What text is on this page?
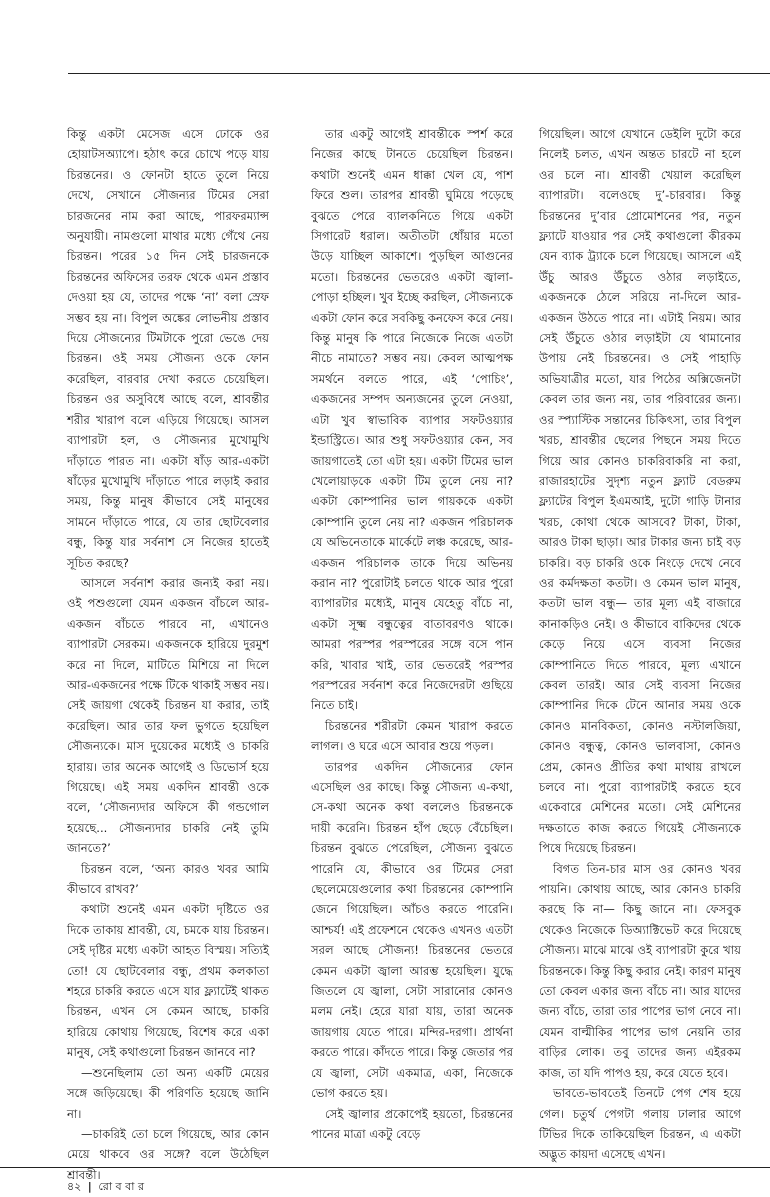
কিন্তু একটা মেসেজ এসে ঢোকে ওর হোয়াটসঅ্যাপে। হঠাৎ করে চোখে পড়ে যায় চিরন্তনের। ও ফোনটা হাতে তুলে নিয়ে দেখে, সেখানে সৌজন্যর টিমের সেরা চারজনের নাম করা আছে, পারফরম্যান্স অনুযায়ী। নামগুলো মাথার মধ্যে গেঁথে নেয় চিরন্তন। পরের ১৫ দিন সেই চারজনকে চিরন্তনের অফিসের তরফ থেকে এমন প্রস্তাব দেওয়া হয় যে, তাদের পক্ষে ‘না’ বলা স্রেফ সম্ভব হয় না। বিপুল অঙ্কের লোভনীয় প্রস্তাব দিয়ে সৌজন্যের টিমটাকে পুরো ভেঙে দেয় চিরন্তন। ওই সময় সৌজন্য ওকে ফোন করেছিল, বারবার দেখা করতে চেয়েছিল। চিরন্তন ওর অসুবিধে আছে বলে, শ্রাবন্তীর শরীর খারাপ বলে এড়িয়ে গিয়েছে। আসল ব্যাপারটা হল, ও সৌজন্যর মুখোমুখি দাঁড়াতে পারত না। একটা ষাঁড় আর-একটা ষাঁড়ের মুখোমুখি দাঁড়াতে পারে লড়াই করার সময়, কিন্তু মানুষ কীভাবে সেই মানুষের সামনে দাঁড়াতে পারে, যে তার ছোটবেলার বন্ধু, কিন্তু যার সর্বনাশ সে নিজের হাতেই সূচিত করছে?

আসলে সর্বনাশ করার জন্যই করা নয়। ওই পশুগুলো যেমন একজন বাঁচলে আর-একজন বাঁচতে পারবে না, এখানেও ব্যাপারটা সেরকম। একজনকে হারিয়ে দুরমুশ করে না দিলে, মাটিতে মিশিয়ে না দিলে আর-একজনের পক্ষে টিকে থাকাই সম্ভব নয়। সেই জায়গা থেকেই চিরন্তন যা করার, তাই করেছিল। আর তার ফল ভুগতে হয়েছিল সৌজন্যকে। মাস দুয়েকের মধ্যেই ও চাকরি হারায়। তার অনেক আগেই ও ডিভোর্স হয়ে গিয়েছে। এই সময় একদিন শ্রাবন্তী ওকে বলে, ‘সৌজন্যদার অফিসে কী গন্ডগোল হয়েছে... সৌজন্যদার চাকরি নেই তুমি জানতে?’

চিরন্তন বলে, ‘অন্য কারও খবর আমি কীভাবে রাখব?’

কথাটা শুনেই এমন একটা দৃষ্টিতে ওর দিকে তাকায় শ্রাবন্তী, যে, চমকে যায় চিরন্তন। সেই দৃষ্টির মধ্যে একটা আহত বিস্ময়। সত্যিই তো! যে ছোটবেলার বন্ধু, প্রথম কলকাতা শহরে চাকরি করতে এসে যার ফ্ল্যাটেই থাকত চিরন্তন, এখন সে কেমন আছে, চাকরি হারিয়ে কোথায় গিয়েছে, বিশেষ করে একা মানুষ, সেই কথাগুলো চিরন্তন জানবে না?

—শুনেছিলাম তো অন্য একটি মেয়ের সঙ্গে জড়িয়েছে। কী পরিণতি হয়েছে জানি না।

—চাকরিই তো চলে গিয়েছে, আর কোন মেয়ে থাকবে ওর সঙ্গে? বলে উঠেছিল শ্রাবন্তী।

তার একটু আগেই শ্রাবন্তীকে স্পর্শ করে নিজের কাছে টানতে চেয়েছিল চিরন্তন। কথাটা শুনেই এমন ধাক্কা খেল যে, পাশ ফিরে শুল। তারপর শ্রাবন্তী ঘুমিয়ে পড়েছে বুঝতে পেরে ব্যালকনিতে গিয়ে একটা সিগারেট ধরাল। অতীতটা ধোঁয়ার মতো উড়ে যাচ্ছিল আকাশে। পুড়ছিল আগুনের মতো। চিরন্তনের ভেতরেও একটা জ্বালা-পোড়া হচ্ছিল। খুব ইচ্ছে করছিল, সৌজন্যকে একটা ফোন করে সবকিছু কনফেস করে নেয়। কিন্তু মানুষ কি পারে নিজেকে নিজে এতটা নীচে নামাতে? সম্ভব নয়। কেবল আত্মপক্ষ সমর্থনে বলতে পারে, এই ‘পোচিং’, একজনের সম্পদ অন্যজনের তুলে নেওয়া, এটা খুব স্বাভাবিক ব্যাপার সফটওয়্যার ইন্ডাস্ট্রিতে। আর শুধু সফটওয়্যার কেন, সব জায়গাতেই তো এটা হয়। একটা টিমের ভাল খেলোয়াড়কে একটা টিম তুলে নেয় না? একটা কোম্পানির ভাল গায়ককে একটা কোম্পানি তুলে নেয় না? একজন পরিচালক যে অভিনেতাকে মার্কেটে লঞ্চ করেছে, আর-একজন পরিচালক তাকে দিয়ে অভিনয় করান না? পুরোটাই চলতে থাকে আর পুরো ব্যাপারটার মধ্যেই, মানুষ যেহেতু বাঁচে না, একটা সূক্ষ্ম বন্ধুত্বের বাতাবরণও থাকে। আমরা পরস্পর পরস্পরের সঙ্গে বসে পান করি, খাবার খাই, তার ভেতরেই পরস্পর পরস্পরের সর্বনাশ করে নিজেদেরটা গুছিয়ে নিতে চাই।

চিরন্তনের শরীরটা কেমন খারাপ করতে লাগল। ও ঘরে এসে আবার শুয়ে পড়ল।

তারপর একদিন সৌজন্যের ফোন এসেছিল ওর কাছে। কিন্তু সৌজন্য এ-কথা, সে-কথা অনেক কথা বললেও চিরন্তনকে দায়ী করেনি। চিরন্তন হাঁপ ছেড়ে বেঁচেছিল। চিরন্তন বুঝতে পেরেছিল, সৌজন্য বুঝতে পারেনি যে, কীভাবে ওর টিমের সেরা ছেলেমেয়েগুলোর কথা চিরন্তনের কোম্পানি জেনে গিয়েছিল। আঁচও করতে পারেনি। আশ্চর্য! এই প্রফেশনে থেকেও এখনও এতটা সরল আছে সৌজন্য! চিরন্তনের ভেতরে কেমন একটা জ্বালা আরম্ভ হয়েছিল। যুদ্ধে জিতলে যে জ্বালা, সেটা সারানোর কোনও মলম নেই। হেরে যারা যায়, তারা অনেক জায়গায় যেতে পারে। মন্দির-দরগা। প্রার্থনা করতে পারে। কাঁদতে পারে। কিন্তু জেতার পর যে জ্বালা, সেটা একমাত্র, একা, নিজেকে ভোগ করতে হয়।

সেই জ্বালার প্রকোপেই হয়তো, চিরন্তনের পানের মাত্রা একটু বেড়ে

গিয়েছিল। আগে যেখানে ডেইলি দুটো করে নিলেই চলত, এখন অন্তত চারটে না হলে ওর চলে না। শ্রাবন্তী খেয়াল করেছিল ব্যাপারটা। বলেওছে দু’-চারবার। কিন্তু চিরন্তনের দু’বার প্রোমোশনের পর, নতুন ফ্ল্যাটে যাওয়ার পর সেই কথাগুলো কীরকম যেন ব্যাক ট্র্যাকে চলে গিয়েছে। আসলে এই উঁচু আরও উঁচুতে ওঠার লড়াইতে, একজনকে ঠেলে সরিয়ে না-দিলে আর-একজন উঠতে পারে না। এটাই নিয়ম। আর সেই উঁচুতে ওঠার লড়াইটা যে থামানোর উপায় নেই চিরন্তনের। ও সেই পাহাড়ি অভিযাত্রীর মতো, যার পিঠের অক্সিজেনটা কেবল তার জন্য নয়, তার পরিবারের জন্য। ওর স্প্যাস্টিক সন্তানের চিকিৎসা, তার বিপুল খরচ, শ্রাবন্তীর ছেলের পিছনে সময় দিতে গিয়ে আর কোনও চাকরিবাকরি না করা, রাজারহাটের সুদৃশ্য নতুন ফ্ল্যাট বেডরুম ফ্ল্যাটের বিপুল ইএমআই, দুটো গাড়ি টানার খরচ, কোথা থেকে আসবে? টাকা, টাকা, আরও টাকা ছাড়া। আর টাকার জন্য চাই বড় চাকরি। বড় চাকরি ওকে নিংড়ে দেখে নেবে ওর কর্মদক্ষতা কতটা। ও কেমন ভাল মানুষ, কতটা ভাল বন্ধু— তার মূল্য এই বাজারে কানাকড়িও নেই। ও কীভাবে বাকিদের থেকে কেড়ে নিয়ে এসে ব্যবসা নিজের কোম্পানিতে দিতে পারবে, মূল্য এখানে কেবল তারই। আর সেই ব্যবসা নিজের কোম্পানির দিকে টেনে আনার সময় ওকে কোনও মানবিকতা, কোনও নস্টালজিয়া, কোনও বন্ধুত্ব, কোনও ভালবাসা, কোনও প্রেম, কোনও প্রীতির কথা মাথায় রাখলে চলবে না। পুরো ব্যাপারটাই করতে হবে একেবারে মেশিনের মতো। সেই মেশিনের দক্ষতাতে কাজ করতে গিয়েই সৌজন্যকে পিষে দিয়েছে চিরন্তন।

বিগত তিন-চার মাস ওর কোনও খবর পায়নি। কোথায় আছে, আর কোনও চাকরি করছে কি না— কিছু জানে না। ফেসবুক থেকেও নিজেকে ডিঅ্যাক্টিভেট করে দিয়েছে সৌজন্য। মাঝে মাঝে ওই ব্যাপারটা কুরে খায় চিরন্তনকে। কিন্তু কিছু করার নেই। কারণ মানুষ তো কেবল একার জন্য বাঁচে না। আর যাদের জন্য বাঁচে, তারা তার পাপের ভাগ নেবে না। যেমন বাল্মীকির পাপের ভাগ নেয়নি তার বাড়ির লোক। তবু তাদের জন্য এইরকম কাজ, তা যদি পাপও হয়, করে যেতে হবে।

ভাবতে-ভাবতেই তিনটে পেগ শেষ হয়ে গেল। চতুর্থ পেগটা গলায় ঢালার আগে টিভির দিকে তাকিয়েছিল চিরন্তন, এ একটা অদ্ভুত কায়দা এসেছে এখন।

৪২ | রো ব বা র
